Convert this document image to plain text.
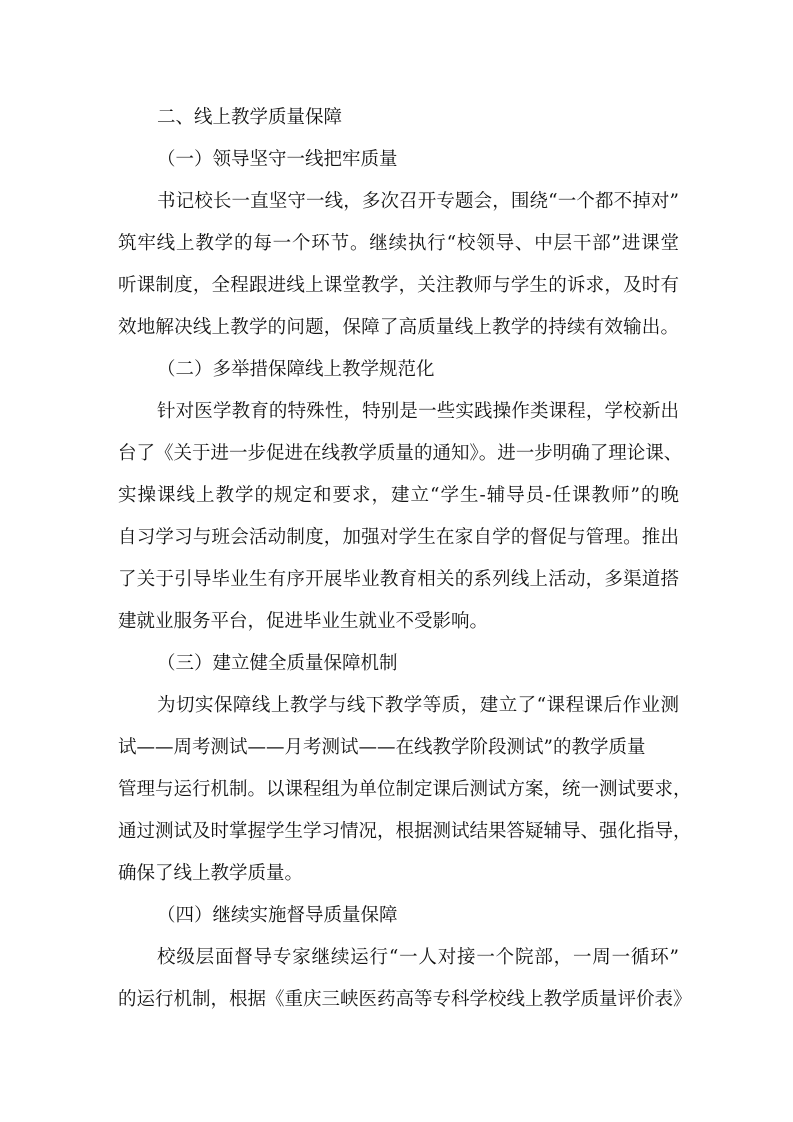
二、线上教学质量保障
（一）领导坚守一线把牢质量
书记校长一直坚守一线，多次召开专题会，围绕“一个都不掉对”
筑牢线上教学的每一个环节。继续执行“校领导、中层干部”进课堂
听课制度，全程跟进线上课堂教学，关注教师与学生的诉求，及时有
效地解决线上教学的问题，保障了高质量线上教学的持续有效输出。
（二）多举措保障线上教学规范化
针对医学教育的特殊性，特别是一些实践操作类课程，学校新出
台了《关于进一步促进在线教学质量的通知》。进一步明确了理论课、
实操课线上教学的规定和要求，建立“学生-辅导员-任课教师”的晚
自习学习与班会活动制度，加强对学生在家自学的督促与管理。推出
了关于引导毕业生有序开展毕业教育相关的系列线上活动，多渠道搭
建就业服务平台，促进毕业生就业不受影响。
（三）建立健全质量保障机制
为切实保障线上教学与线下教学等质，建立了“课程课后作业测
试——周考测试——月考测试——在线教学阶段测试”的教学质量
管理与运行机制。以课程组为单位制定课后测试方案，统一测试要求，
通过测试及时掌握学生学习情况，根据测试结果答疑辅导、强化指导，
确保了线上教学质量。
（四）继续实施督导质量保障
校级层面督导专家继续运行“一人对接一个院部，一周一循环”
的运行机制，根据《重庆三峡医药高等专科学校线上教学质量评价表》
